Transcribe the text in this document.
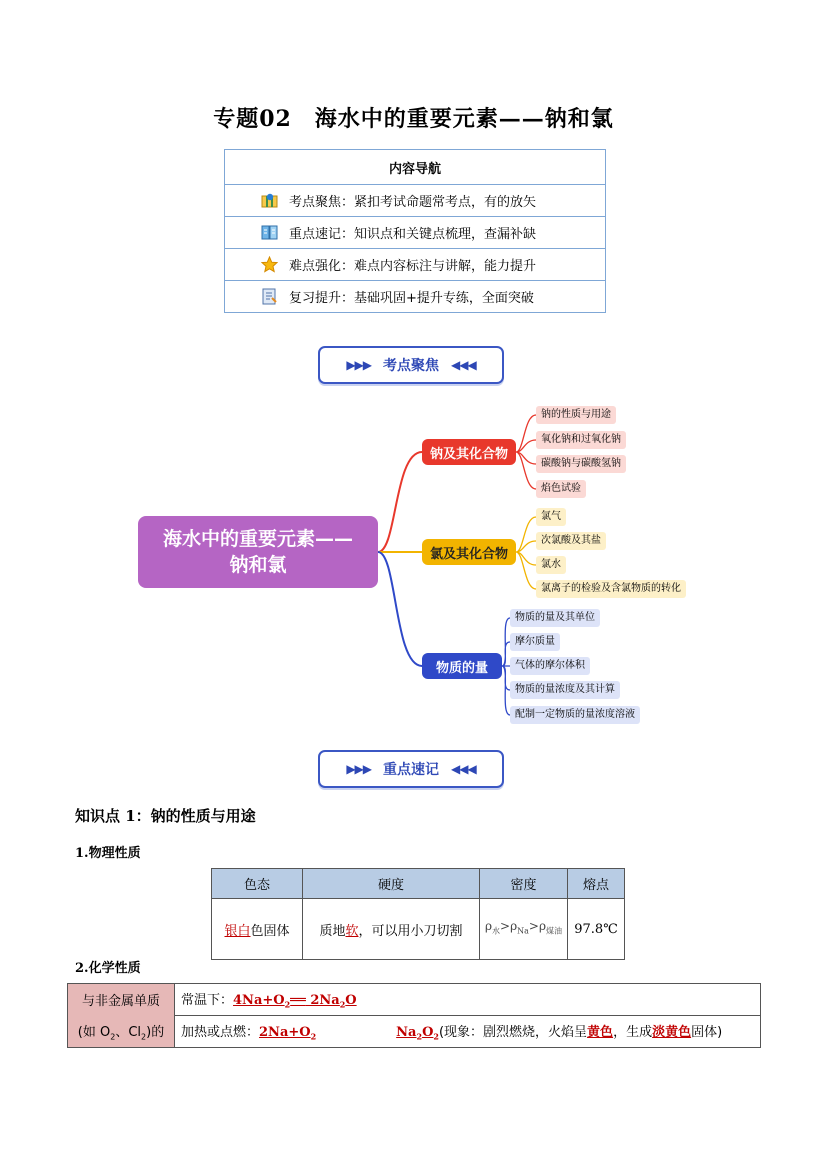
专题02　海水中的重要元素——钠和氯
内容导航
考点聚焦：紧扣考试命题常考点，有的放矢
重点速记：知识点和关键点梳理，查漏补缺
难点强化：难点内容标注与讲解，能力提升
复习提升：基础巩固+提升专练，全面突破
▶▶▶ 考点聚焦 ◀◀◀
海水中的重要元素——
钠和氯
钠及其化合物
氯及其化合物
物质的量
钠的性质与用途
氧化钠和过氧化钠
碳酸钠与碳酸氢钠
焰色试验
氯气
次氯酸及其盐
氯水
氯离子的检验及含氯物质的转化
物质的量及其单位
摩尔质量
气体的摩尔体积
物质的量浓度及其计算
配制一定物质的量浓度溶液
▶▶▶ 重点速记 ◀◀◀
知识点 1：钠的性质与用途
1.物理性质
色态	硬度	密度	熔点
银白色固体	质地软，可以用小刀切割	$\rho_水>\rho_{Na}>\rho_{煤油}$	97.8℃
2.化学性质
与非金属单质	常温下：$4Na+O_2══$ $2Na_2O$
(如 $O_2$、$Cl_2$)的	加热或点燃：$2Na+O_2$ $Na_2O_2$(现象：剧烈燃烧，火焰呈黄色，生成淡黄色固体)
